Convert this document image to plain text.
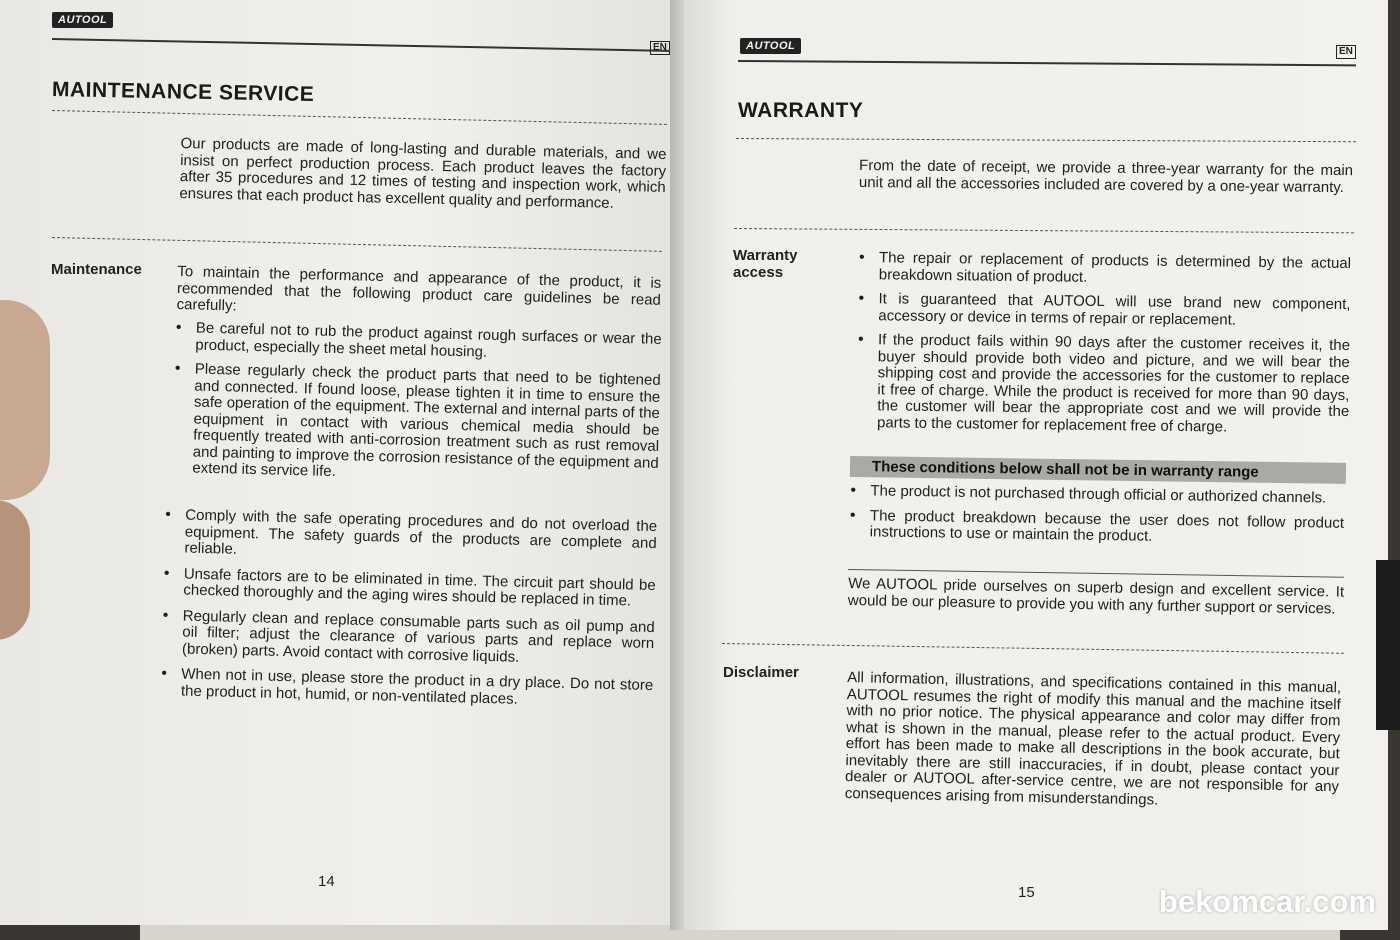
AUTOOL
EN
MAINTENANCE SERVICE
Our products are made of long-lasting and durable materials, and we insist on perfect production process. Each product leaves the factory after 35 procedures and 12 times of testing and inspection work, which ensures that each product has excellent quality and performance.
Maintenance To maintain the performance and appearance of the product, it is recommended that the following product care guidelines be read carefully:
• Be careful not to rub the product against rough surfaces or wear the product, especially the sheet metal housing.
• Please regularly check the product parts that need to be tightened and connected. If found loose, please tighten it in time to ensure the safe operation of the equipment. The external and internal parts of the equipment in contact with various chemical media should be frequently treated with anti-corrosion treatment such as rust removal and painting to improve the corrosion resistance of the equipment and extend its service life.
• Comply with the safe operating procedures and do not overload the equipment. The safety guards of the products are complete and reliable.
• Unsafe factors are to be eliminated in time. The circuit part should be checked thoroughly and the aging wires should be replaced in time.
• Regularly clean and replace consumable parts such as oil pump and oil filter; adjust the clearance of various parts and replace worn (broken) parts. Avoid contact with corrosive liquids.
• When not in use, please store the product in a dry place. Do not store the product in hot, humid, or non-ventilated places.
14
AUTOOL	EN
WARRANTY
From the date of receipt, we provide a three-year warranty for the main unit and all the accessories included are covered by a one-year warranty.
Warranty
access
• The repair or replacement of products is determined by the actual breakdown situation of product.
• It is guaranteed that AUTOOL will use brand new component, accessory or device in terms of repair or replacement.
• If the product fails within 90 days after the customer receives it, the buyer should provide both video and picture, and we will bear the shipping cost and provide the accessories for the customer to replace it free of charge. While the product is received for more than 90 days, the customer will bear the appropriate cost and we will provide the parts to the customer for replacement free of charge.
These conditions below shall not be in warranty range
• The product is not purchased through official or authorized channels.
• The product breakdown because the user does not follow product instructions to use or maintain the product.
We AUTOOL pride ourselves on superb design and excellent service. It would be our pleasure to provide you with any further support or services.
Disclaimer	All information, illustrations, and specifications contained in this manual, AUTOOL resumes the right of modify this manual and the machine itself with no prior notice. The physical appearance and color may differ from what is shown in the manual, please refer to the actual product. Every effort has been made to make all descriptions in the book accurate, but inevitably there are still inaccuracies, if in doubt, please contact your dealer or AUTOOL after-service centre, we are not responsible for any consequences arising from misunderstandings.
15	bekomcar.com
